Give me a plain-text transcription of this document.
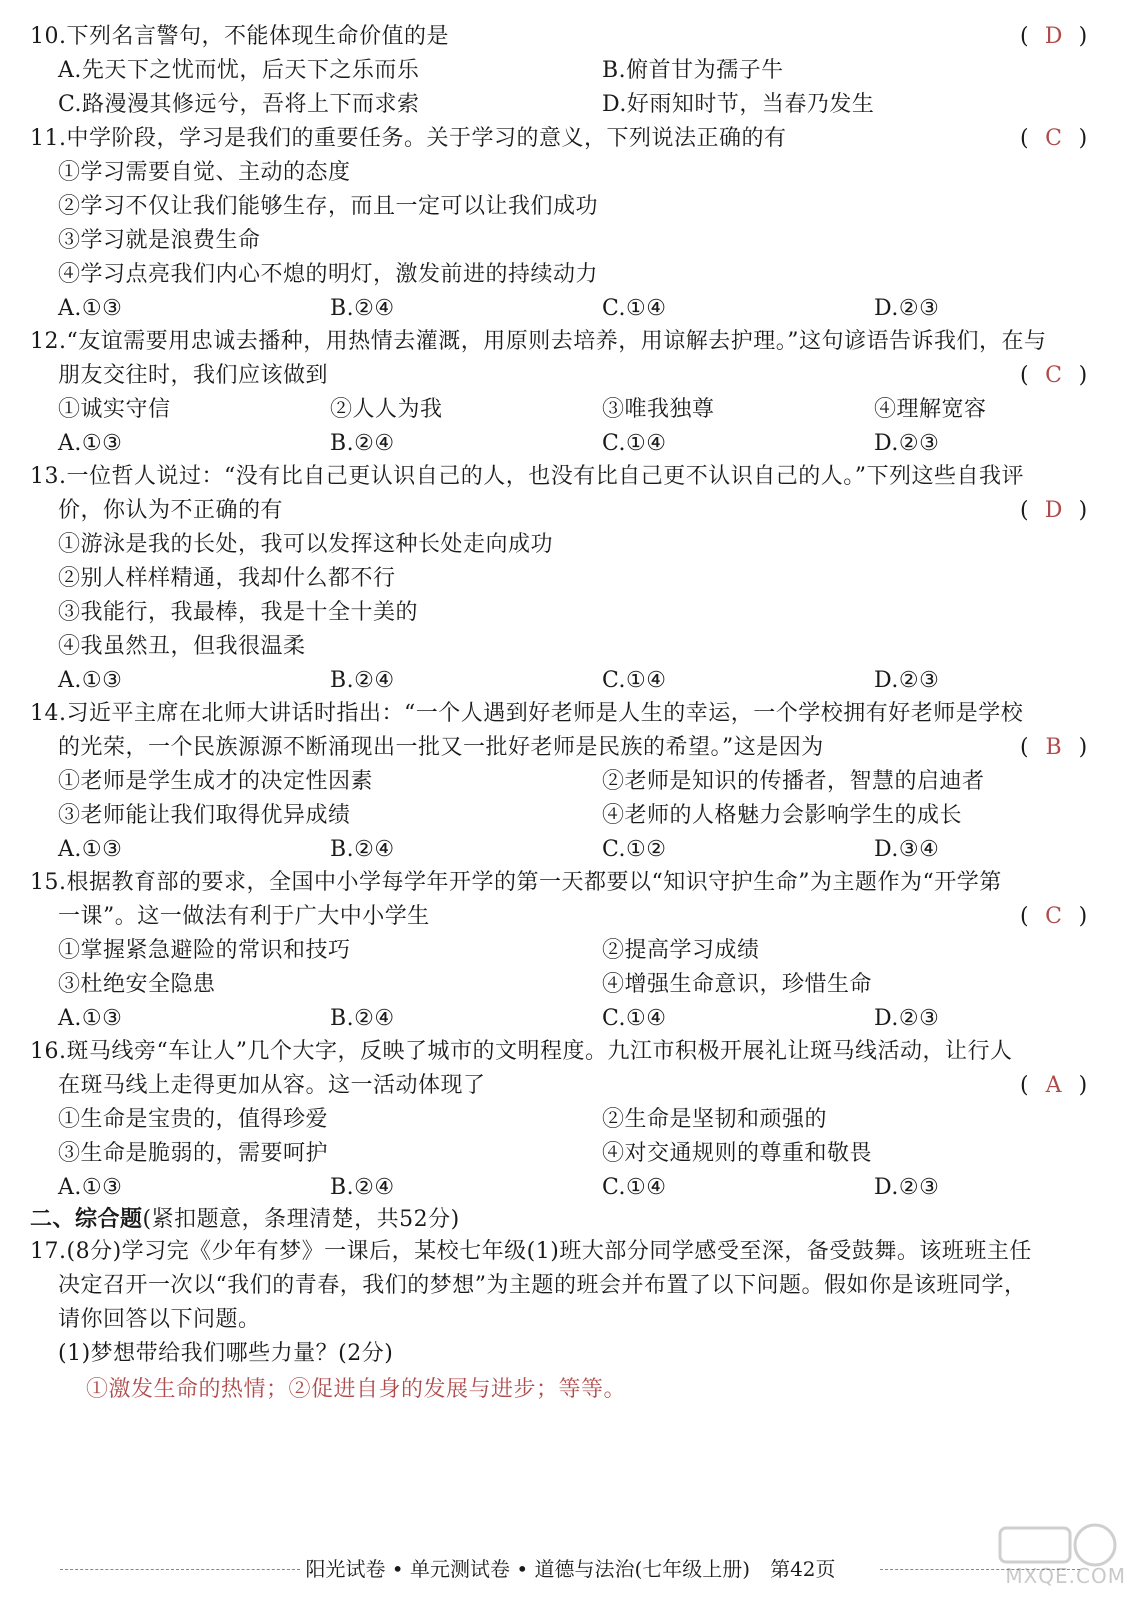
10.下列名言警句，不能体现生命价值的是	( D )
A.先天下之忧而忧，后天下之乐而乐	B.俯首甘为孺子牛
C.路漫漫其修远兮，吾将上下而求索	D.好雨知时节，当春乃发生
11.中学阶段，学习是我们的重要任务。关于学习的意义，下列说法正确的有	( C )
①学习需要自觉、主动的态度
②学习不仅让我们能够生存，而且一定可以让我们成功
③学习就是浪费生命
④学习点亮我们内心不熄的明灯，激发前进的持续动力
A.①③	B.②④	C.①④	D.②③
12.“友谊需要用忠诚去播种，用热情去灌溉，用原则去培养，用谅解去护理。”这句谚语告诉我们，在与
朋友交往时，我们应该做到	( C )
①诚实守信	②人人为我	③唯我独尊	④理解宽容
A.①③	B.②④	C.①④	D.②③
13.一位哲人说过：“没有比自己更认识自己的人，也没有比自己更不认识自己的人。”下列这些自我评
价，你认为不正确的有	( D )
①游泳是我的长处，我可以发挥这种长处走向成功
②别人样样精通，我却什么都不行
③我能行，我最棒，我是十全十美的
④我虽然丑，但我很温柔
A.①③	B.②④	C.①④	D.②③
14.习近平主席在北师大讲话时指出：“一个人遇到好老师是人生的幸运，一个学校拥有好老师是学校
的光荣，一个民族源源不断涌现出一批又一批好老师是民族的希望。”这是因为	( B )
①老师是学生成才的决定性因素	②老师是知识的传播者，智慧的启迪者
③老师能让我们取得优异成绩	④老师的人格魅力会影响学生的成长
A.①③	B.②④	C.①②	D.③④
15.根据教育部的要求，全国中小学每学年开学的第一天都要以“知识守护生命”为主题作为“开学第
一课”。这一做法有利于广大中小学生	( C )
①掌握紧急避险的常识和技巧	②提高学习成绩
③杜绝安全隐患	④增强生命意识，珍惜生命
A.①③	B.②④	C.①④	D.②③
16.斑马线旁“车让人”几个大字，反映了城市的文明程度。九江市积极开展礼让斑马线活动，让行人
在斑马线上走得更加从容。这一活动体现了	( A )
①生命是宝贵的，值得珍爱	②生命是坚韧和顽强的
③生命是脆弱的，需要呵护	④对交通规则的尊重和敬畏
A.①③	B.②④	C.①④	D.②③
二、综合题(紧扣题意，条理清楚，共52分)
17.(8分)学习完《少年有梦》一课后，某校七年级(1)班大部分同学感受至深，备受鼓舞。该班班主任
决定召开一次以“我们的青春，我们的梦想”为主题的班会并布置了以下问题。假如你是该班同学，
请你回答以下问题。
(1)梦想带给我们哪些力量？(2分)
①激发生命的热情；②促进自身的发展与进步；等等。
阳光试卷 • 单元测试卷 • 道德与法治(七年级上册)　第42页	MXQE.COM
